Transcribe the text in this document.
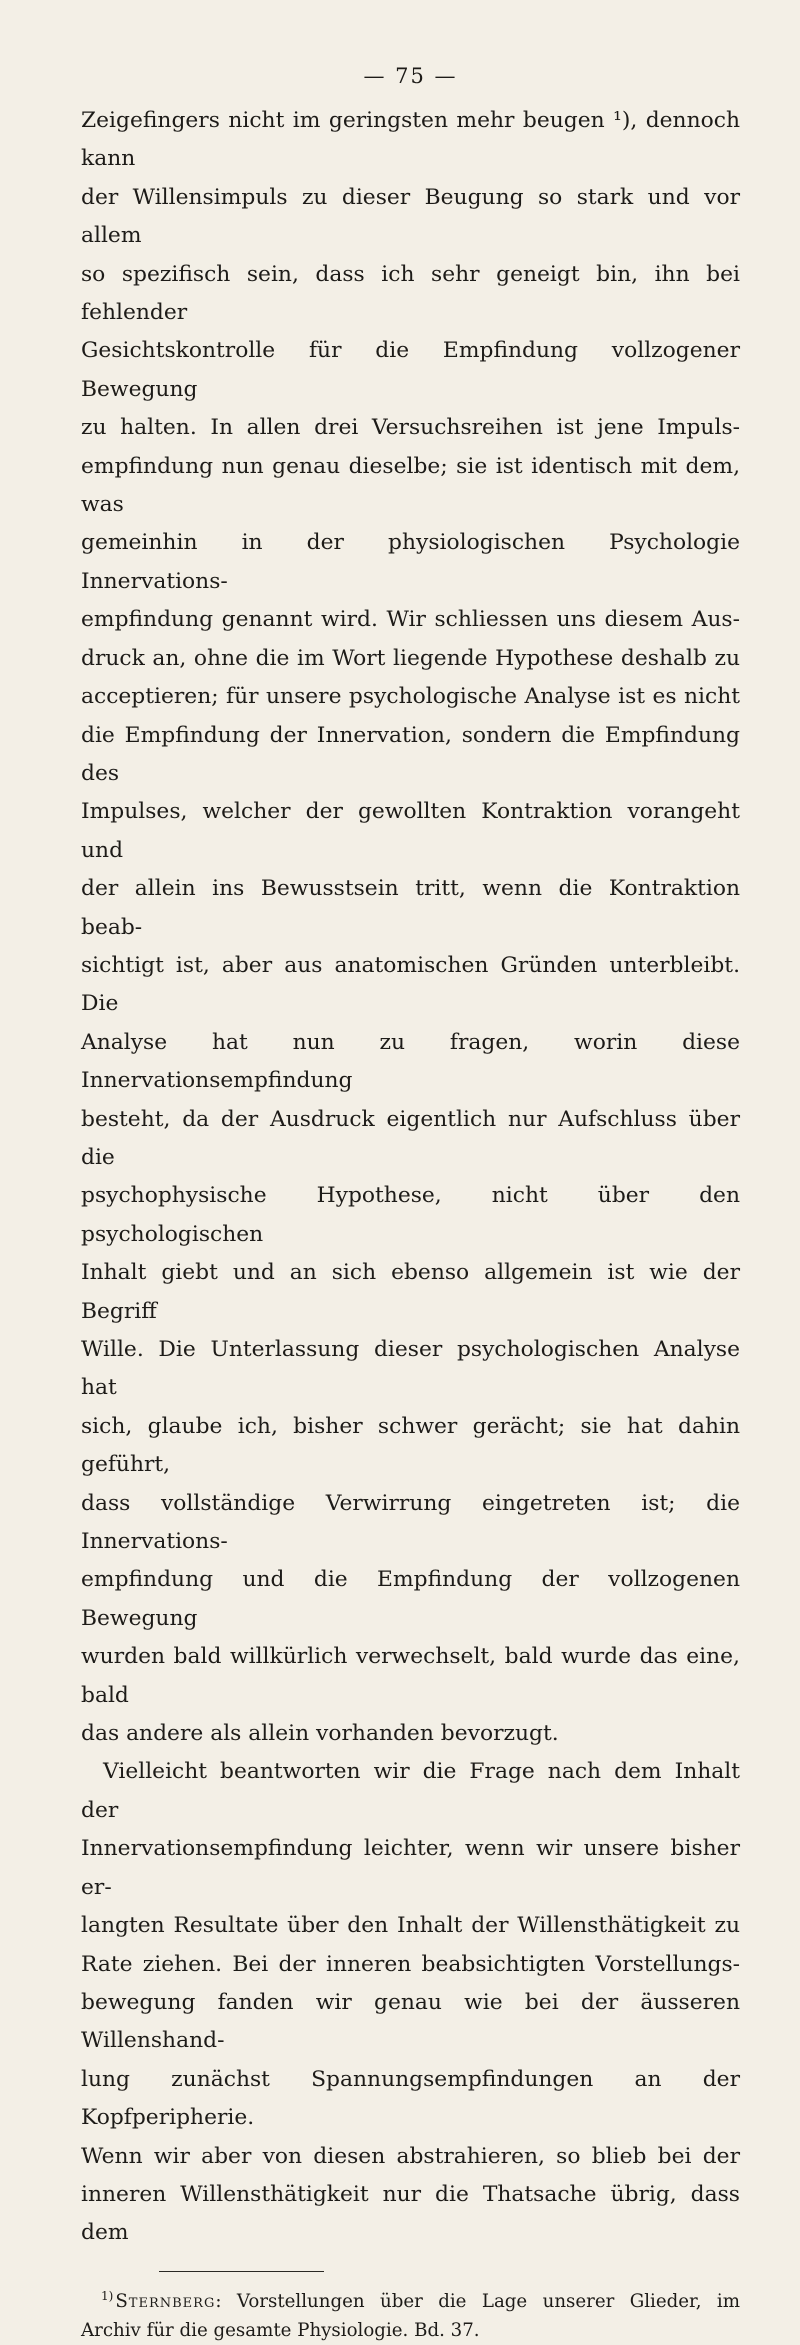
— 75 —

Zeigefingers nicht im geringsten mehr beugen ¹), dennoch kann

der Willensimpuls zu dieser Beugung so stark und vor allem

so spezifisch sein, dass ich sehr geneigt bin, ihn bei fehlender

Gesichtskontrolle für die Empfindung vollzogener Bewegung

zu halten. In allen drei Versuchsreihen ist jene Impuls-

empfindung nun genau dieselbe; sie ist identisch mit dem, was

gemeinhin in der physiologischen Psychologie Innervations-

empfindung genannt wird. Wir schliessen uns diesem Aus-

druck an, ohne die im Wort liegende Hypothese deshalb zu

acceptieren; für unsere psychologische Analyse ist es nicht

die Empfindung der Innervation, sondern die Empfindung des

Impulses, welcher der gewollten Kontraktion vorangeht und

der allein ins Bewusstsein tritt, wenn die Kontraktion beab-

sichtigt ist, aber aus anatomischen Gründen unterbleibt. Die

Analyse hat nun zu fragen, worin diese Innervationsempfindung

besteht, da der Ausdruck eigentlich nur Aufschluss über die

psychophysische Hypothese, nicht über den psychologischen

Inhalt giebt und an sich ebenso allgemein ist wie der Begriff

Wille. Die Unterlassung dieser psychologischen Analyse hat

sich, glaube ich, bisher schwer gerächt; sie hat dahin geführt,

dass vollständige Verwirrung eingetreten ist; die Innervations-

empfindung und die Empfindung der vollzogenen Bewegung

wurden bald willkürlich verwechselt, bald wurde das eine, bald

das andere als allein vorhanden bevorzugt.

Vielleicht beantworten wir die Frage nach dem Inhalt der

Innervationsempfindung leichter, wenn wir unsere bisher er-

langten Resultate über den Inhalt der Willensthätigkeit zu

Rate ziehen. Bei der inneren beabsichtigten Vorstellungs-

bewegung fanden wir genau wie bei der äusseren Willenshand-

lung zunächst Spannungsempfindungen an der Kopfperipherie.

Wenn wir aber von diesen abstrahieren, so blieb bei der

inneren Willensthätigkeit nur die Thatsache übrig, dass dem

$^{1)}$ Sternberg: Vorstellungen über die Lage unserer Glieder, im

Archiv für die gesamte Physiologie. Bd. 37.
